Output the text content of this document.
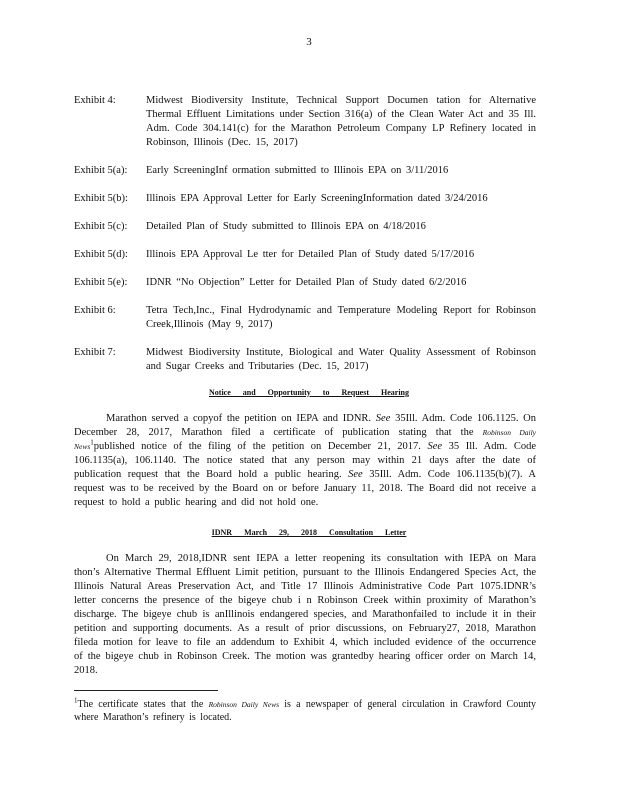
3
Exhibit 4:	Midwest Biodiversity Institute, Technical Support Documen tation for Alternative Thermal Effluent Limitations under Section 316(a) of the Clean Water Act and 35 Ill. Adm. Code 304.141(c) for the Marathon Petroleum Company LP Refinery located in Robinson, Illinois (Dec. 15, 2017)
Exhibit 5(a):	Early ScreeningInf ormation submitted to Illinois EPA on 3/11/2016
Exhibit 5(b):	Illinois EPA Approval Letter for Early ScreeningInformation dated 3/24/2016
Exhibit 5(c):	Detailed Plan of Study submitted to Illinois EPA on 4/18/2016
Exhibit 5(d):	Illinois EPA Approval Le tter for Detailed Plan of Study dated 5/17/2016
Exhibit 5(e):	IDNR “No Objection” Letter for Detailed Plan of Study dated 6/2/2016
Exhibit 6:	Tetra Tech,Inc., Final Hydrodynamic and Temperature Modeling Report for Robinson Creek,Illinois (May 9, 2017)
Exhibit 7:	Midwest Biodiversity Institute, Biological and Water Quality Assessment of Robinson and Sugar Creeks and Tributaries (Dec. 15, 2017)
Notice and Opportunity to Request Hearing
Marathon served a copyof the petition on IEPA and IDNR. See 35Ill. Adm. Code 106.1125. On December 28, 2017, Marathon filed a certificate of publication stating that the Robinson Daily News$^1$published notice of the filing of the petition on December 21, 2017. See 35 Ill. Adm. Code 106.1135(a), 106.1140. The notice stated that any person may within 21 days after the date of publication request that the Board hold a public hearing. See 35Ill. Adm. Code 106.1135(b)(7). A request was to be received by the Board on or before January 11, 2018. The Board did not receive a request to hold a public hearing and did not hold one.
IDNR March 29, 2018 Consultation Letter
On March 29, 2018,IDNR sent IEPA a letter reopening its consultation with IEPA on Mara thon’s Alternative Thermal Effluent Limit petition, pursuant to the Illinois Endangered Species Act, the Illinois Natural Areas Preservation Act, and Title 17 Illinois Administrative Code Part 1075.IDNR’s letter concerns the presence of the bigeye chub i n Robinson Creek within proximity of Marathon’s discharge. The bigeye chub is anIllinois endangered species, and Marathonfailed to include it in their petition and supporting documents. As a result of prior discussions, on February27, 2018, Marathon fileda motion for leave to file an addendum to Exhibit 4, which included evidence of the occurrence of the bigeye chub in Robinson Creek. The motion was grantedby hearing officer order on March 14, 2018.
$^1$The certificate states that the Robinson Daily News is a newspaper of general circulation in Crawford County where Marathon’s refinery is located.
